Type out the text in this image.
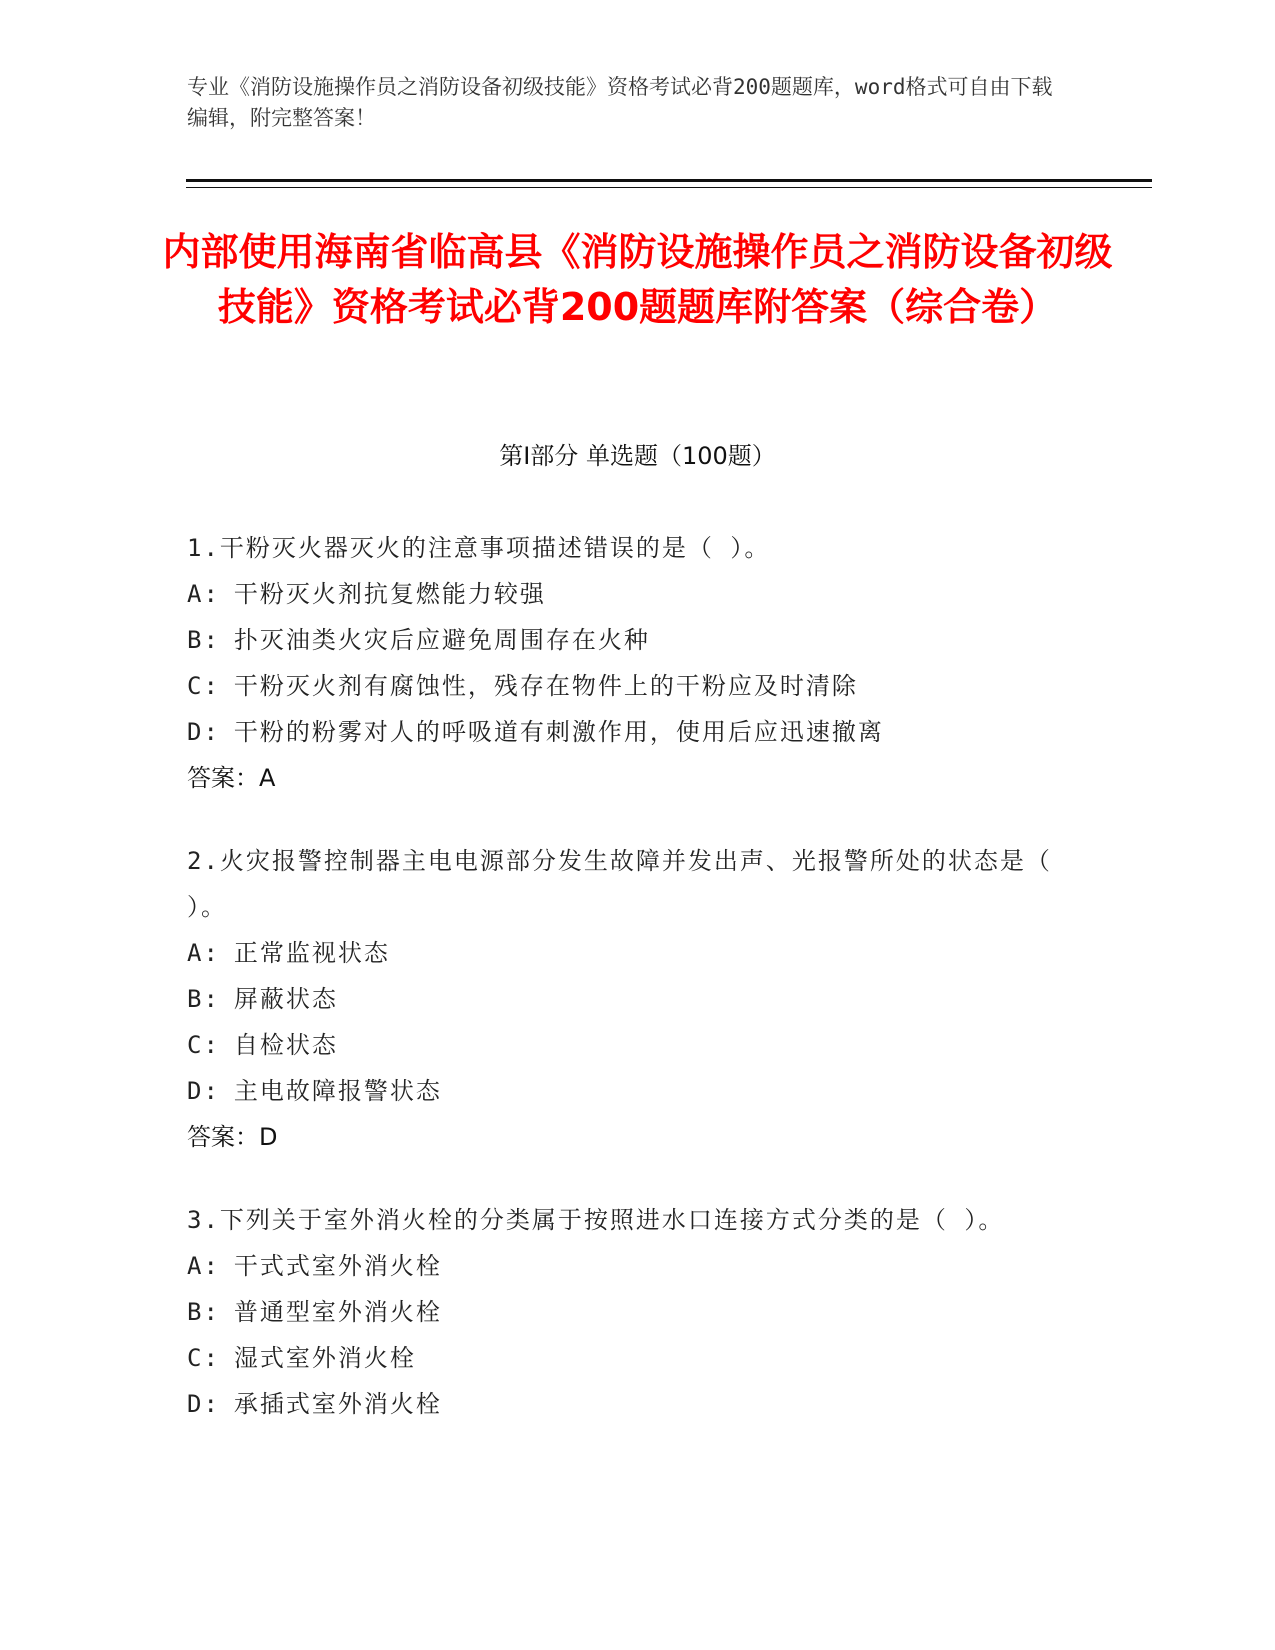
专业《消防设施操作员之消防设备初级技能》资格考试必背200题题库，word格式可自由下载编辑，附完整答案！
内部使用海南省临高县《消防设施操作员之消防设备初级技能》资格考试必背200题题库附答案（综合卷）
第Ⅰ部分 单选题（100题）
1.干粉灭火器灭火的注意事项描述错误的是（ ）。
A: 干粉灭火剂抗复燃能力较强
B: 扑灭油类火灾后应避免周围存在火种
C: 干粉灭火剂有腐蚀性，残存在物件上的干粉应及时清除
D: 干粉的粉雾对人的呼吸道有刺激作用，使用后应迅速撤离
答案：A
2.火灾报警控制器主电电源部分发生故障并发出声、光报警所处的状态是（ ）。
A: 正常监视状态
B: 屏蔽状态
C: 自检状态
D: 主电故障报警状态
答案：D
3.下列关于室外消火栓的分类属于按照进水口连接方式分类的是（ ）。
A: 干式式室外消火栓
B: 普通型室外消火栓
C: 湿式室外消火栓
D: 承插式室外消火栓
